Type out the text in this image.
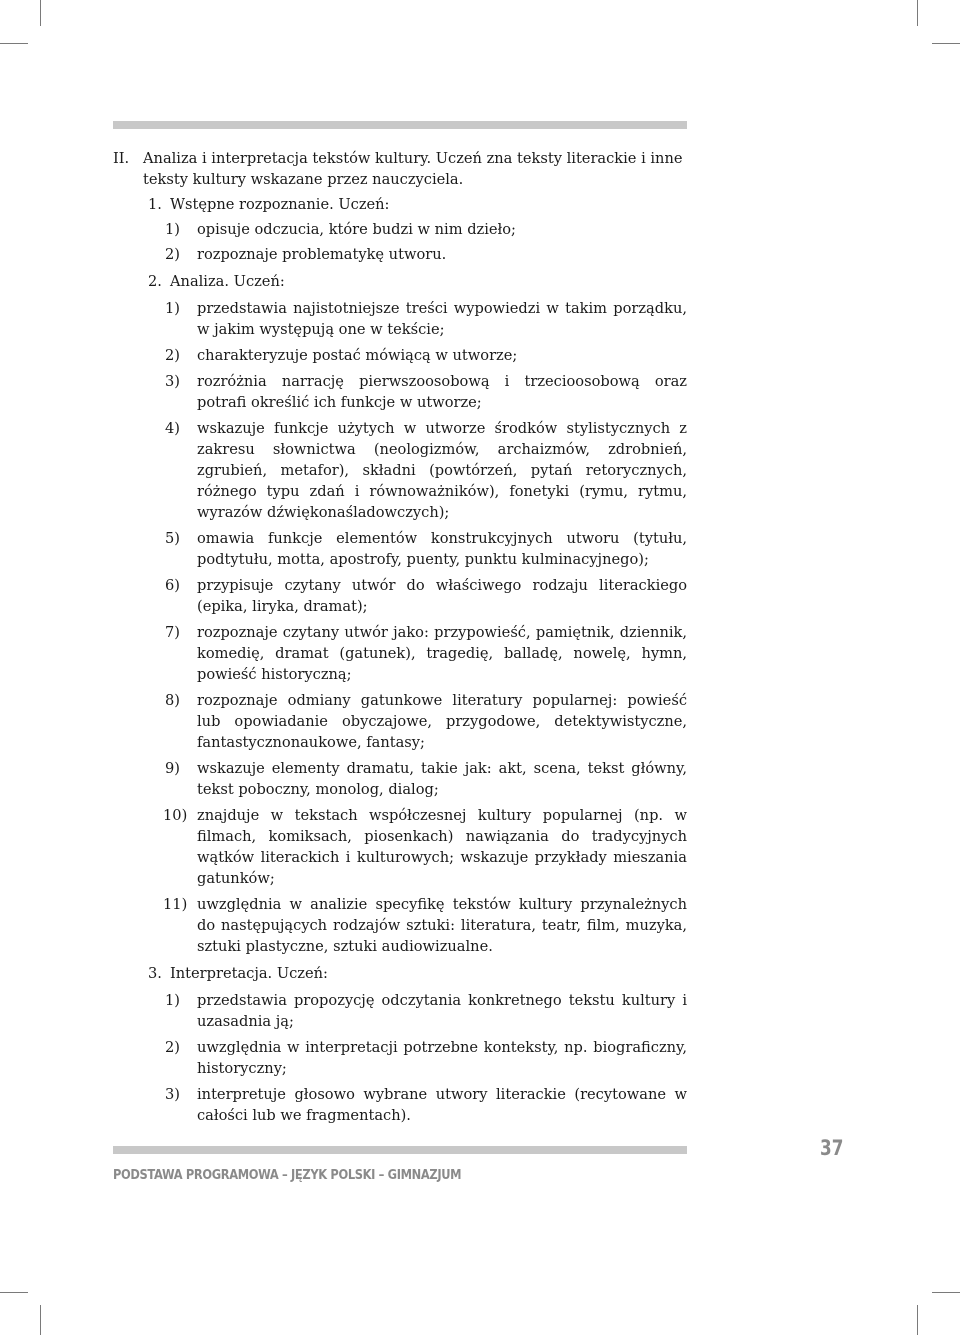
II. Analiza i interpretacja tekstów kultury. Uczeń zna teksty literackie i inne teksty kultury wskazane przez nauczyciela.
1. Wstępne rozpoznanie. Uczeń:
1)	opisuje odczucia, które budzi w nim dzieło;
2)	rozpoznaje problematykę utworu.
2. Analiza. Uczeń:
1)	przedstawia najistotniejsze treści wypowiedzi w takim porządku, w jakim występują one w tekście;
2)	charakteryzuje postać mówiącą w utworze;
3)	rozróżnia narrację pierwszoosobową i trzecioosobową oraz potrafi określić ich funkcje w utworze;
4)	wskazuje funkcje użytych w utworze środków stylistycznych z zakresu słownictwa (neologizmów, archaizmów, zdrobnień, zgrubień, metafor), składni (powtórzeń, pytań retorycznych, różnego typu zdań i równoważników), fonetyki (rymu, rytmu, wyrazów dźwiękonaśladowczych);
5)	omawia funkcje elementów konstrukcyjnych utworu (tytułu, podtytułu, motta, apostrofy, puenty, punktu kulminacyjnego);
6)	przypisuje czytany utwór do właściwego rodzaju literackiego (epika, liryka, dramat);
7)	rozpoznaje czytany utwór jako: przypowieść, pamiętnik, dziennik, komedię, dramat (gatunek), tragedię, balladę, nowelę, hymn, powieść historyczną;
8)	rozpoznaje odmiany gatunkowe literatury popularnej: powieść lub opowiadanie obyczajowe, przygodowe, detektywistyczne, fantastycznonaukowe, fantasy;
9)	wskazuje elementy dramatu, takie jak: akt, scena, tekst główny, tekst poboczny, monolog, dialog;
10) znajduje w tekstach współczesnej kultury popularnej (np. w filmach, komiksach, piosenkach) nawiązania do tradycyjnych wątków literackich i kulturowych; wskazuje przykłady mieszania gatunków;
11) uwzględnia w analizie specyfikę tekstów kultury przynależnych do następujących rodzajów sztuki: literatura, teatr, film, muzyka, sztuki plastyczne, sztuki audiowizualne.
3. Interpretacja. Uczeń:
1)	przedstawia propozycję odczytania konkretnego tekstu kultury i uzasadnia ją;
2)	uwzględnia w interpretacji potrzebne konteksty, np. biograficzny, historyczny;
3)	interpretuje głosowo wybrane utwory literackie (recytowane w całości lub we fragmentach).
PODSTAWA PROGRAMOWA – JĘZYK POLSKI – GIMNAZJUM
37
